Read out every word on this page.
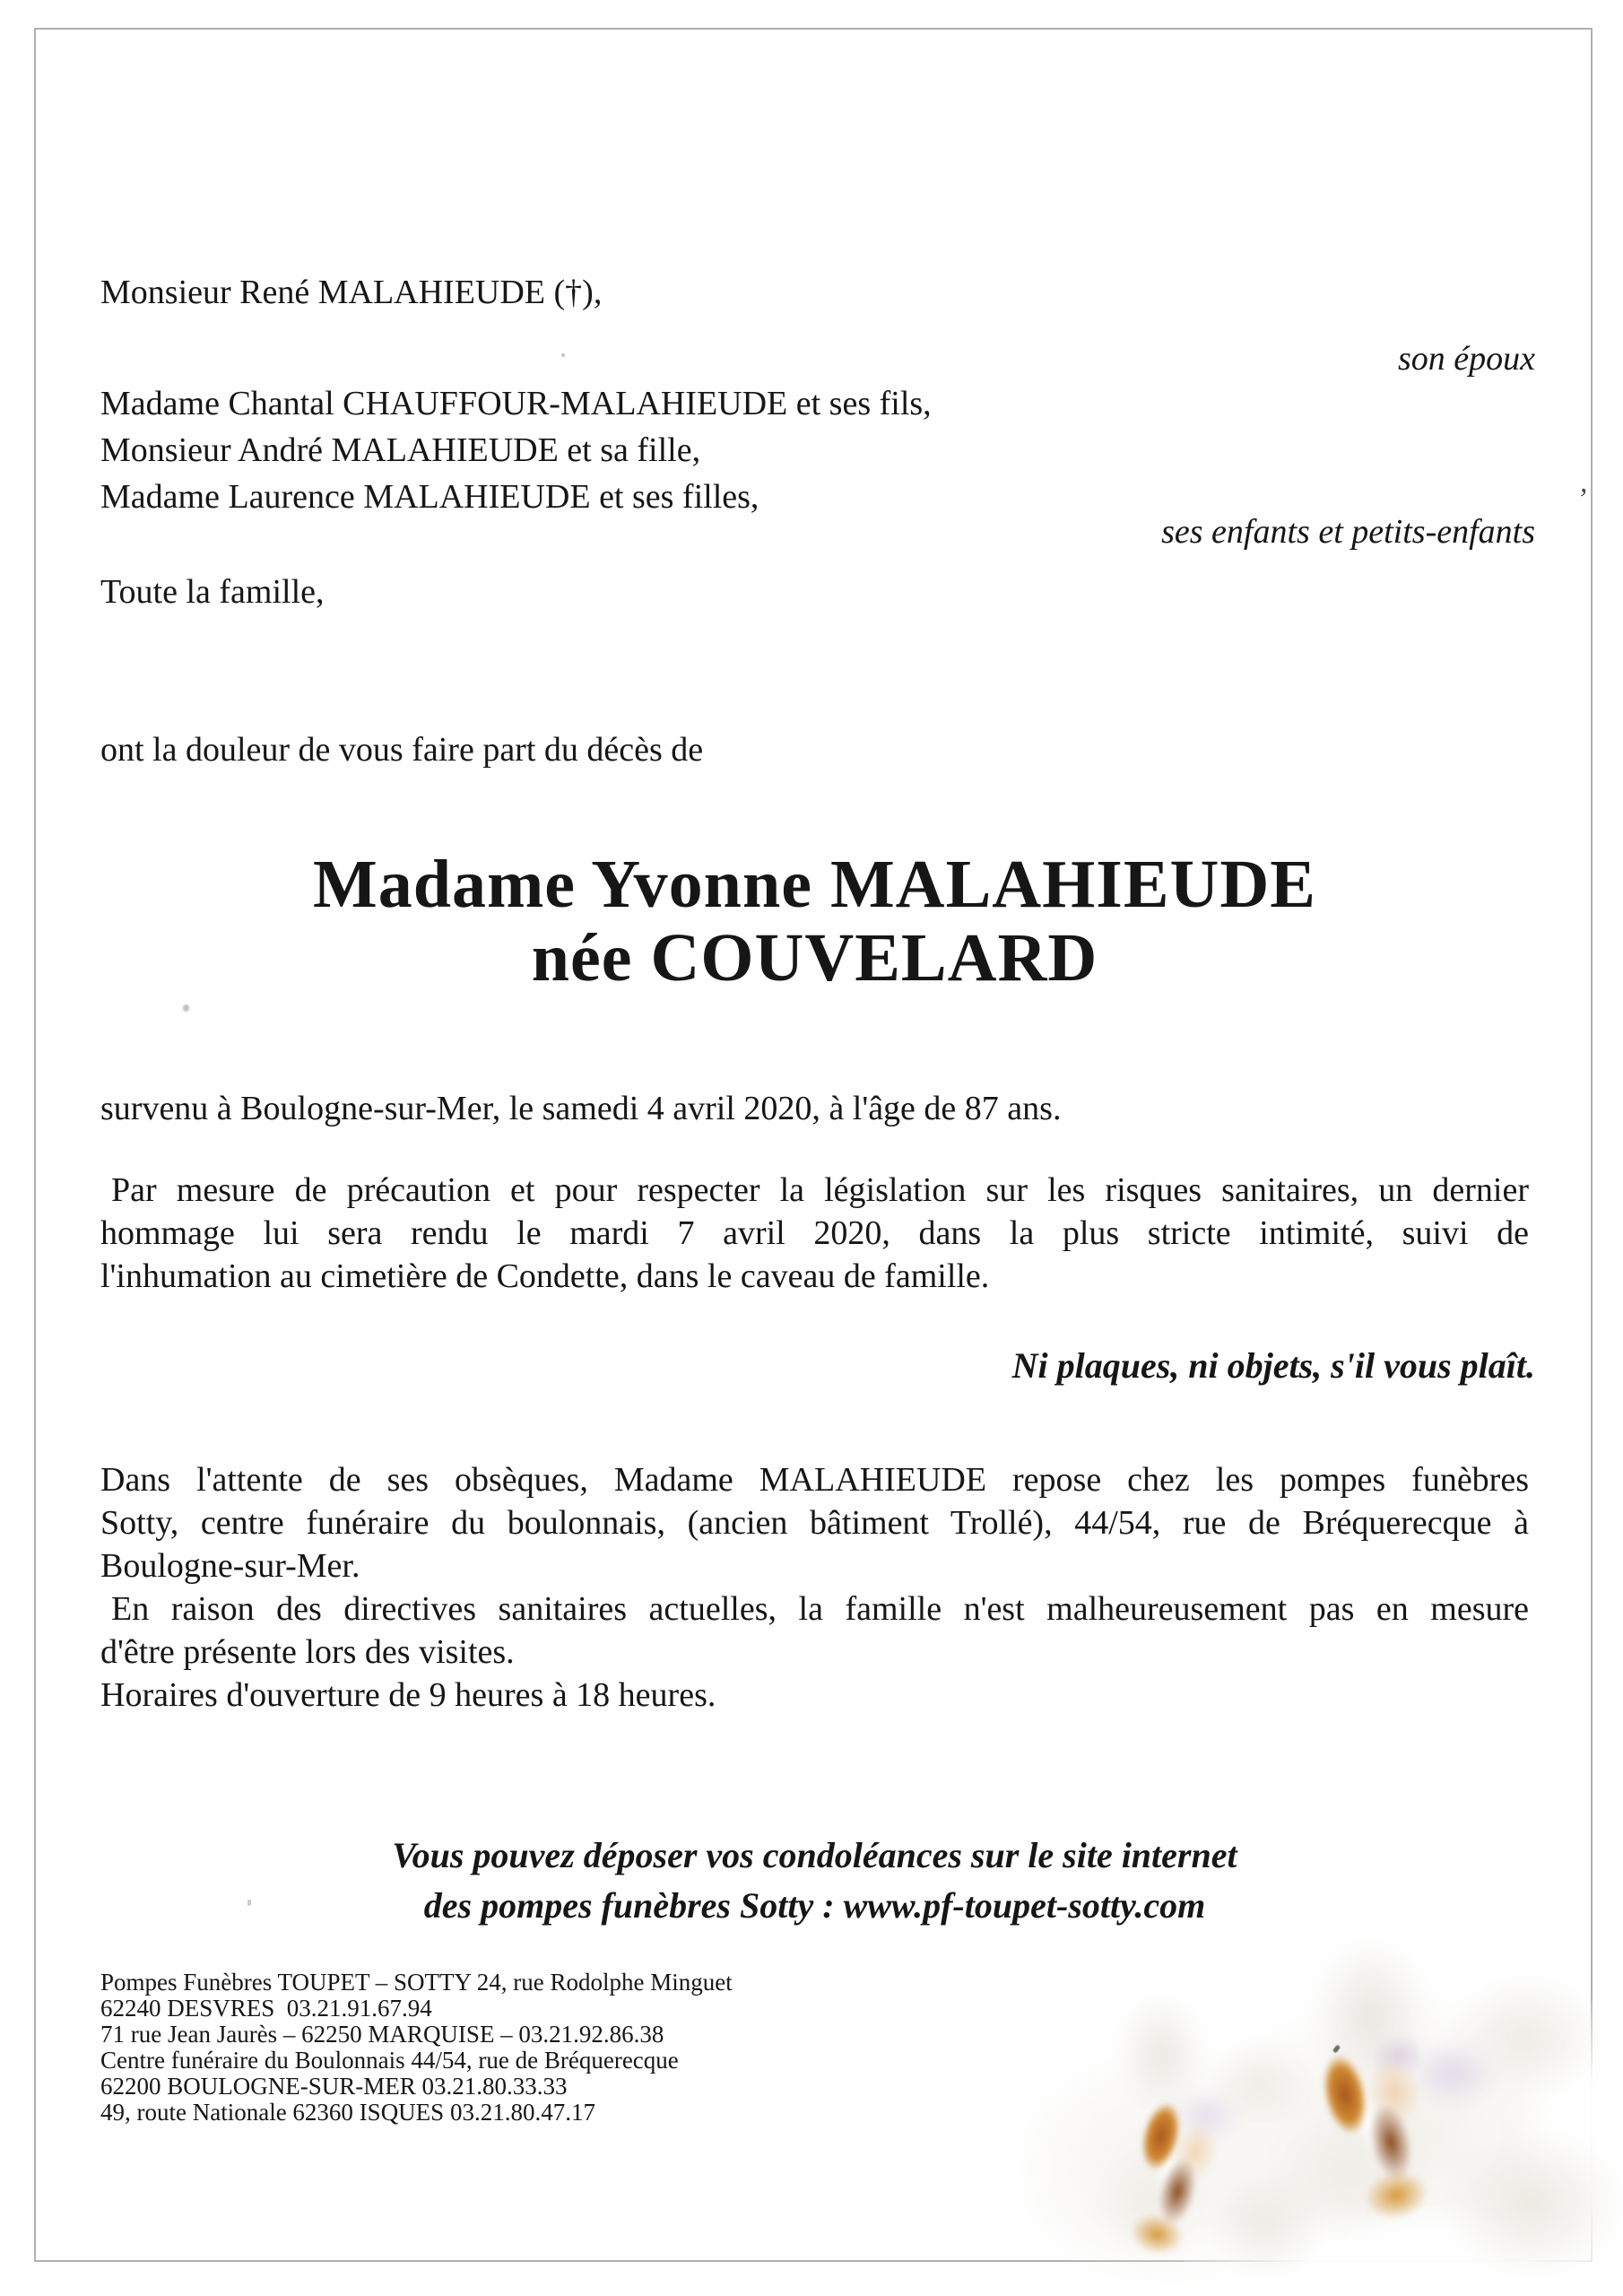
Monsieur René MALAHIEUDE (†),
son époux
Madame Chantal CHAUFFOUR-MALAHIEUDE et ses fils,
Monsieur André MALAHIEUDE et sa fille,
Madame Laurence MALAHIEUDE et ses filles,
ses enfants et petits-enfants
Toute la famille,
ont la douleur de vous faire part du décès de
Madame Yvonne MALAHIEUDE
née COUVELARD
survenu à Boulogne-sur-Mer, le samedi 4 avril 2020, à l'âge de 87 ans.
Par mesure de précaution et pour respecter la législation sur les risques sanitaires, un dernier
hommage lui sera rendu le mardi 7 avril 2020, dans la plus stricte intimité, suivi de
l'inhumation au cimetière de Condette, dans le caveau de famille.
Ni plaques, ni objets, s'il vous plaît.
Dans l'attente de ses obsèques, Madame MALAHIEUDE repose chez les pompes funèbres
Sotty, centre funéraire du boulonnais, (ancien bâtiment Trollé), 44/54, rue de Bréquerecque à
Boulogne-sur-Mer.
En raison des directives sanitaires actuelles, la famille n'est malheureusement pas en mesure
d'être présente lors des visites.
Horaires d'ouverture de 9 heures à 18 heures.
Vous pouvez déposer vos condoléances sur le site internet
des pompes funèbres Sotty : www.pf-toupet-sotty.com
Pompes Funèbres TOUPET – SOTTY 24, rue Rodolphe Minguet
62240 DESVRES  03.21.91.67.94
71 rue Jean Jaurès – 62250 MARQUISE – 03.21.92.86.38
Centre funéraire du Boulonnais 44/54, rue de Bréquerecque
62200 BOULOGNE-SUR-MER 03.21.80.33.33
49, route Nationale 62360 ISQUES 03.21.80.47.17
’
